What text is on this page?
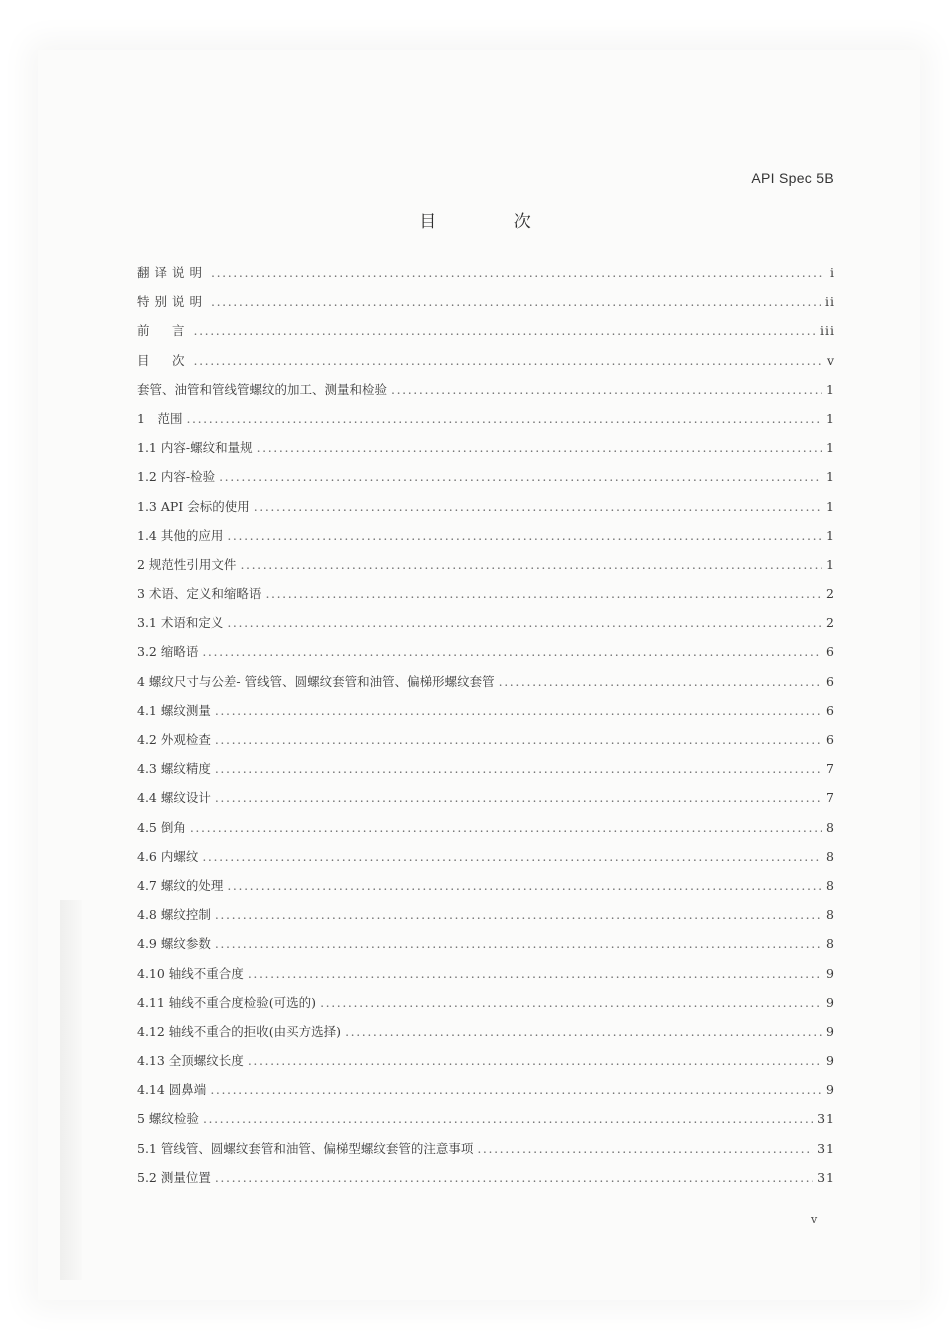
API Spec 5B
目 次
翻译说明 .....	i
特别说明 .....	ii
前　言 .....	iii
目　次 .....	v
套管、油管和管线管螺纹的加工、测量和检验 .....	1
1　范围 .....	1
1.1 内容-螺纹和量规 .....	1
1.2 内容-检验 .....	1
1.3 API 会标的使用 .....	1
1.4 其他的应用 .....	1
2 规范性引用文件 .....	1
3 术语、定义和缩略语 .....	2
3.1 术语和定义 .....	2
3.2 缩略语 .....	6
4 螺纹尺寸与公差- 管线管、圆螺纹套管和油管、偏梯形螺纹套管 .....	6
4.1 螺纹测量 .....	6
4.2 外观检查 .....	6
4.3 螺纹精度 .....	7
4.4 螺纹设计 .....	7
4.5 倒角 .....	8
4.6 内螺纹 .....	8
4.7 螺纹的处理 .....	8
4.8 螺纹控制 .....	8
4.9 螺纹参数 .....	8
4.10 轴线不重合度 .....	9
4.11 轴线不重合度检验(可选的) .....	9
4.12 轴线不重合的拒收(由买方选择) .....	9
4.13 全顶螺纹长度 .....	9
4.14 圆鼻端 .....	9
5 螺纹检验 .....	31
5.1 管线管、圆螺纹套管和油管、偏梯型螺纹套管的注意事项 .....	31
5.2 测量位置 .....	31
v
